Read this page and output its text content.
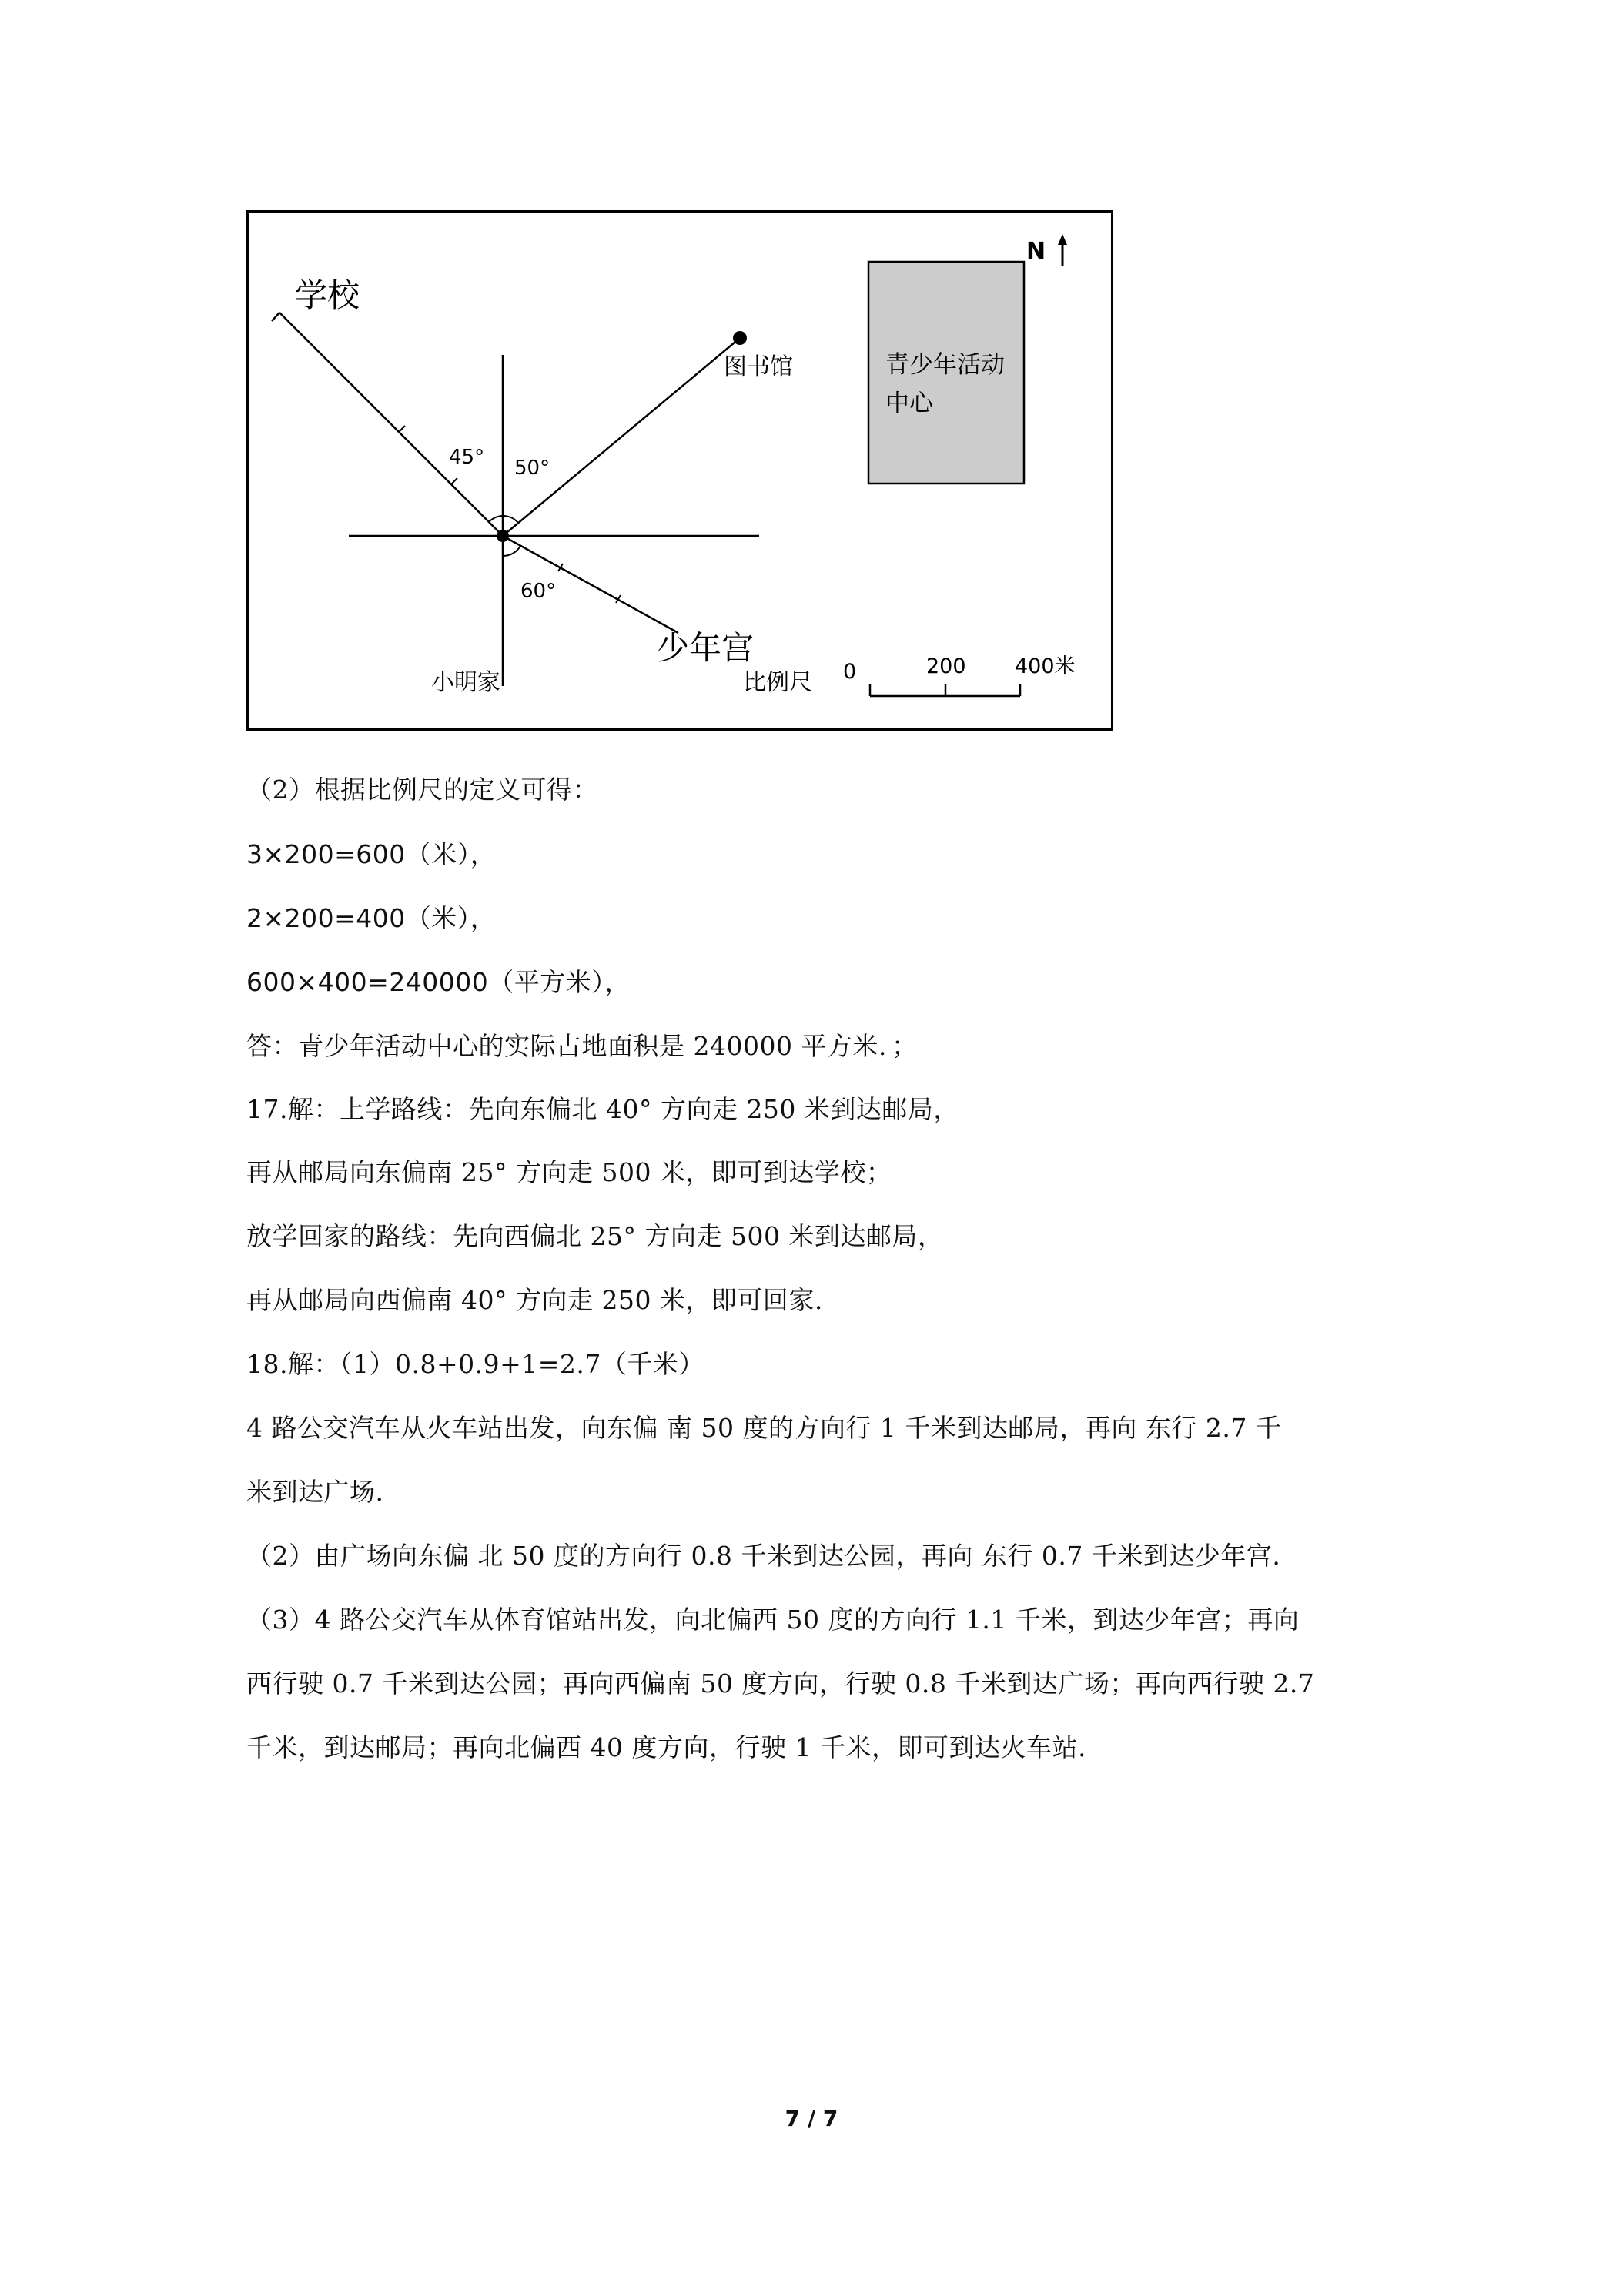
学校
图书馆
少年宫
小明家
45° 50°
60°
N
青少年活动
中心
比例尺 0	200 400米
（2）根据比例尺的定义可得：
3×200=600（米），
2×200=400（米），
600×400=240000（平方米），
答：青少年活动中心的实际占地面积是 240000 平方米．；
17.解：上学路线：先向东偏北 40° 方向走 250 米到达邮局，
再从邮局向东偏南 25° 方向走 500 米，即可到达学校；
放学回家的路线：先向西偏北 25° 方向走 500 米到达邮局，
再从邮局向西偏南 40° 方向走 250 米，即可回家.
18.解：（1）0.8+0.9+1=2.7（千米）
4 路公交汽车从火车站出发，向东偏 南 50 度的方向行 1 千米到达邮局，再向 东行 2.7 千
米到达广场.
（2）由广场向东偏 北 50 度的方向行 0.8 千米到达公园，再向 东行 0.7 千米到达少年宫.
（3）4 路公交汽车从体育馆站出发，向北偏西 50 度的方向行 1.1 千米，到达少年宫；再向
西行驶 0.7 千米到达公园；再向西偏南 50 度方向，行驶 0.8 千米到达广场；再向西行驶 2.7
千米，到达邮局；再向北偏西 40 度方向，行驶 1 千米，即可到达火车站.
7 / 7
